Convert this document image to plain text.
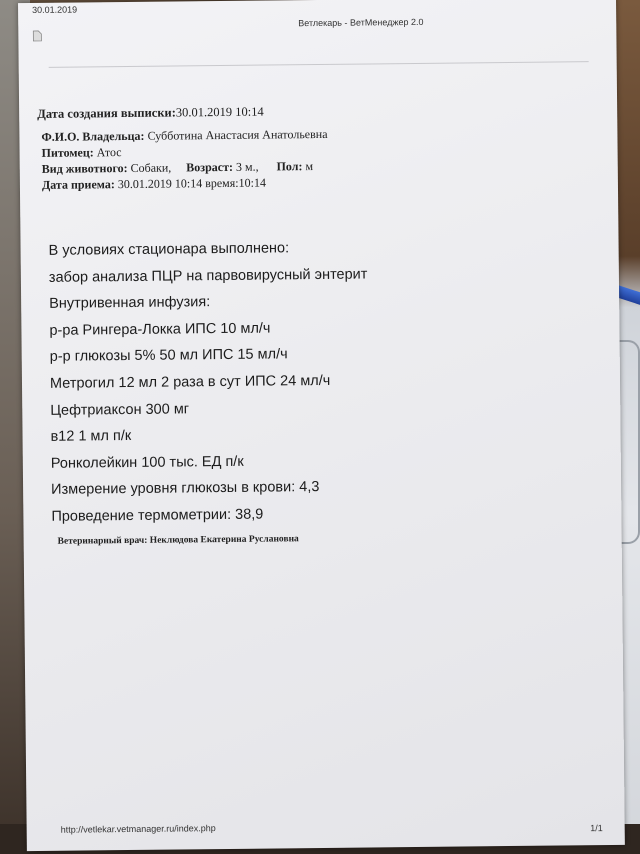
30.01.2019
Ветлекарь - ВетМенеджер 2.0
Дата создания выписки:30.01.2019 10:14
Ф.И.О. Владельца: Субботина Анастасия Анатольевна
Питомец: Атос
Вид животного: Собаки, Возраст: 3 м., Пол: м
Дата приема: 30.01.2019 10:14 время:10:14
В условиях стационара выполнено:
забор анализа ПЦР на парвовирусный энтерит
Внутривенная инфузия:
р-ра Рингера-Локка ИПС 10 мл/ч
р-р глюкозы 5% 50 мл ИПС 15 мл/ч
Метрогил 12 мл 2 раза в сут ИПС 24 мл/ч
Цефтриаксон 300 мг
в12 1 мл п/к
Ронколейкин 100 тыс. ЕД п/к
Измерение уровня глюкозы в крови: 4,3
Проведение термометрии: 38,9
Ветеринарный врач: Неклюдова Екатерина Руслановна
http://vetlekar.vetmanager.ru/index.php	1/1
